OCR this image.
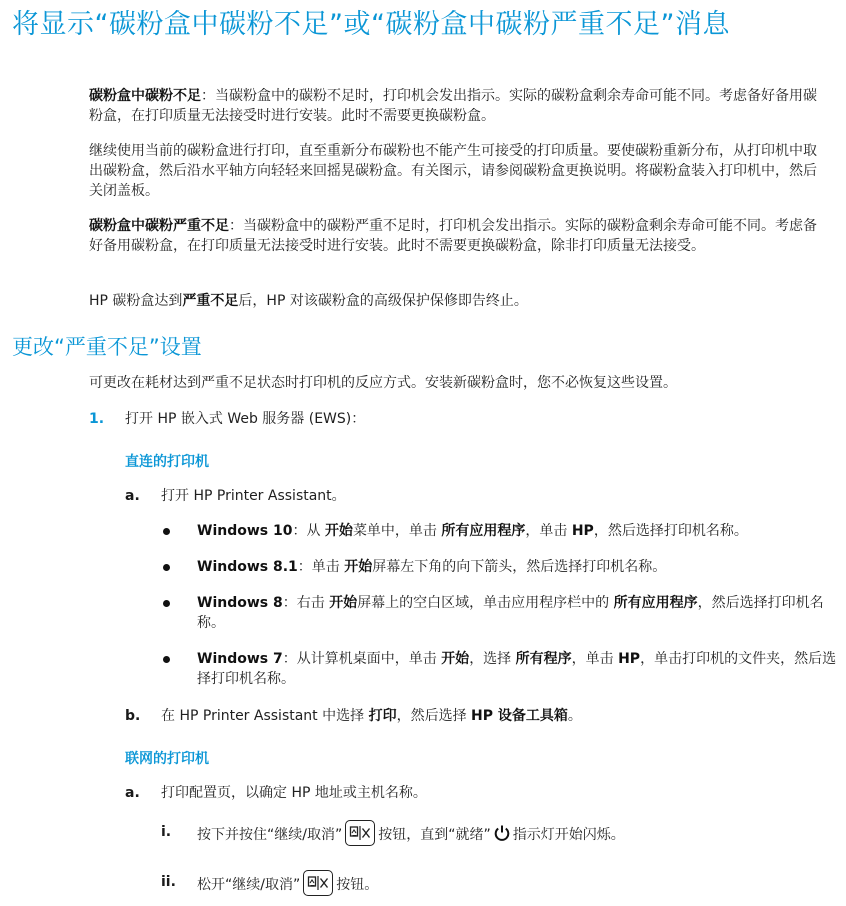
将显示“碳粉盒中碳粉不足”或“碳粉盒中碳粉严重不足”消息
碳粉盒中碳粉不足：当碳粉盒中的碳粉不足时，打印机会发出指示。实际的碳粉盒剩余寿命可能不同。考虑备好备用碳粉盒，在打印质量无法接受时进行安装。此时不需要更换碳粉盒。
继续使用当前的碳粉盒进行打印，直至重新分布碳粉也不能产生可接受的打印质量。要使碳粉重新分布，从打印机中取出碳粉盒，然后沿水平轴方向轻轻来回摇晃碳粉盒。有关图示，请参阅碳粉盒更换说明。将碳粉盒装入打印机中，然后关闭盖板。
碳粉盒中碳粉严重不足：当碳粉盒中的碳粉严重不足时，打印机会发出指示。实际的碳粉盒剩余寿命可能不同。考虑备好备用碳粉盒，在打印质量无法接受时进行安装。此时不需要更换碳粉盒，除非打印质量无法接受。
HP 碳粉盒达到严重不足后，HP 对该碳粉盒的高级保护保修即告终止。
更改“严重不足”设置
可更改在耗材达到严重不足状态时打印机的反应方式。安装新碳粉盒时，您不必恢复这些设置。
1. 打开 HP 嵌入式 Web 服务器 (EWS)：
直连的打印机
a. 打开 HP Printer Assistant。
Windows 10：从 开始菜单中，单击 所有应用程序，单击 HP，然后选择打印机名称。
Windows 8.1：单击 开始屏幕左下角的向下箭头，然后选择打印机名称。
Windows 8：右击 开始屏幕上的空白区域，单击应用程序栏中的 所有应用程序，然后选择打印机名称。
Windows 7：从计算机桌面中，单击 开始，选择 所有程序，单击 HP，单击打印机的文件夹，然后选择打印机名称。
b. 在 HP Printer Assistant 中选择 打印，然后选择 HP 设备工具箱。
联网的打印机
a. 打印配置页，以确定 HP 地址或主机名称。
i. 按下并按住“继续/取消”	按钮，直到“就绪” 指示灯开始闪烁。
ii. 松开“继续/取消”	按钮。
